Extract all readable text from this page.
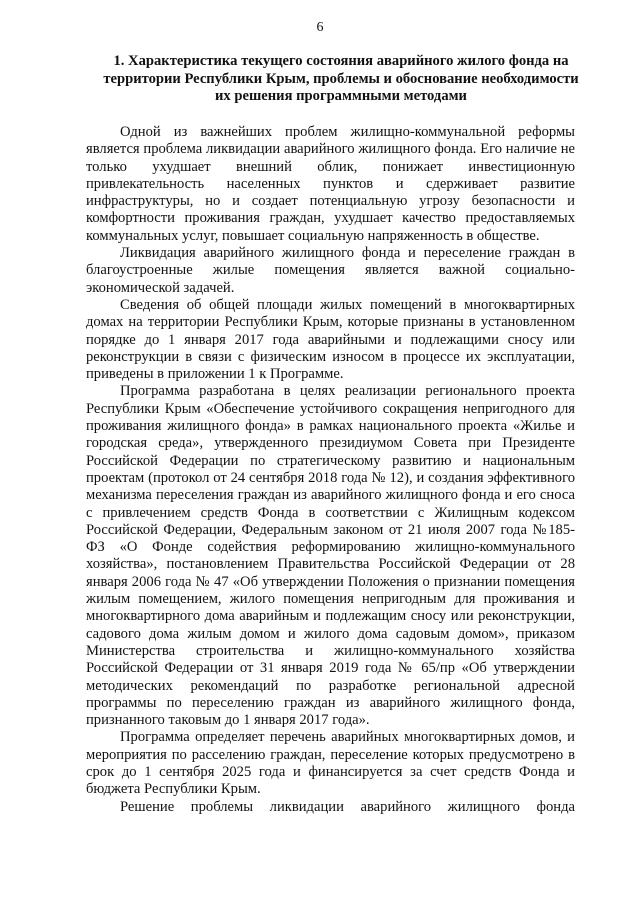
6
1. Характеристика текущего состояния аварийного жилого фонда на территории Республики Крым, проблемы и обоснование необходимости их решения программными методами

Одной из важнейших проблем жилищно-коммунальной реформы является проблема ликвидации аварийного жилищного фонда. Его наличие не только ухудшает внешний облик, понижает инвестиционную привлекательность населенных пунктов и сдерживает развитие инфраструктуры, но и создает потенциальную угрозу безопасности и комфортности проживания граждан, ухудшает качество предоставляемых коммунальных услуг, повышает социальную напряженность в обществе.

Ликвидация аварийного жилищного фонда и переселение граждан в благоустроенные жилые помещения является важной социально-экономической задачей.

Сведения об общей площади жилых помещений в многоквартирных домах на территории Республики Крым, которые признаны в установленном порядке до 1 января 2017 года аварийными и подлежащими сносу или реконструкции в связи с физическим износом в процессе их эксплуатации, приведены в приложении 1 к Программе.

Программа разработана в целях реализации регионального проекта Республики Крым «Обеспечение устойчивого сокращения непригодного для проживания жилищного фонда» в рамках национального проекта «Жилье и городская среда», утвержденного президиумом Совета при Президенте Российской Федерации по стратегическому развитию и национальным проектам (протокол от 24 сентября 2018 года № 12), и создания эффективного механизма переселения граждан из аварийного жилищного фонда и его сноса с привлечением средств Фонда в соответствии с Жилищным кодексом Российской Федерации, Федеральным законом от 21 июля 2007 года №185-ФЗ «О Фонде содействия реформированию жилищно-коммунального хозяйства», постановлением Правительства Российской Федерации от 28 января 2006 года № 47 «Об утверждении Положения о признании помещения жилым помещением, жилого помещения непригодным для проживания и многоквартирного дома аварийным и подлежащим сносу или реконструкции, садового дома жилым домом и жилого дома садовым домом», приказом Министерства строительства и жилищно-коммунального хозяйства Российской Федерации от 31 января 2019 года № 65/пр «Об утверждении методических рекомендаций по разработке региональной адресной программы по переселению граждан из аварийного жилищного фонда, признанного таковым до 1 января 2017 года».

Программа определяет перечень аварийных многоквартирных домов, и мероприятия по расселению граждан, переселение которых предусмотрено в срок до 1 сентября 2025 года и финансируется за счет средств Фонда и бюджета Республики Крым.

Решение проблемы ликвидации аварийного жилищного фонда
